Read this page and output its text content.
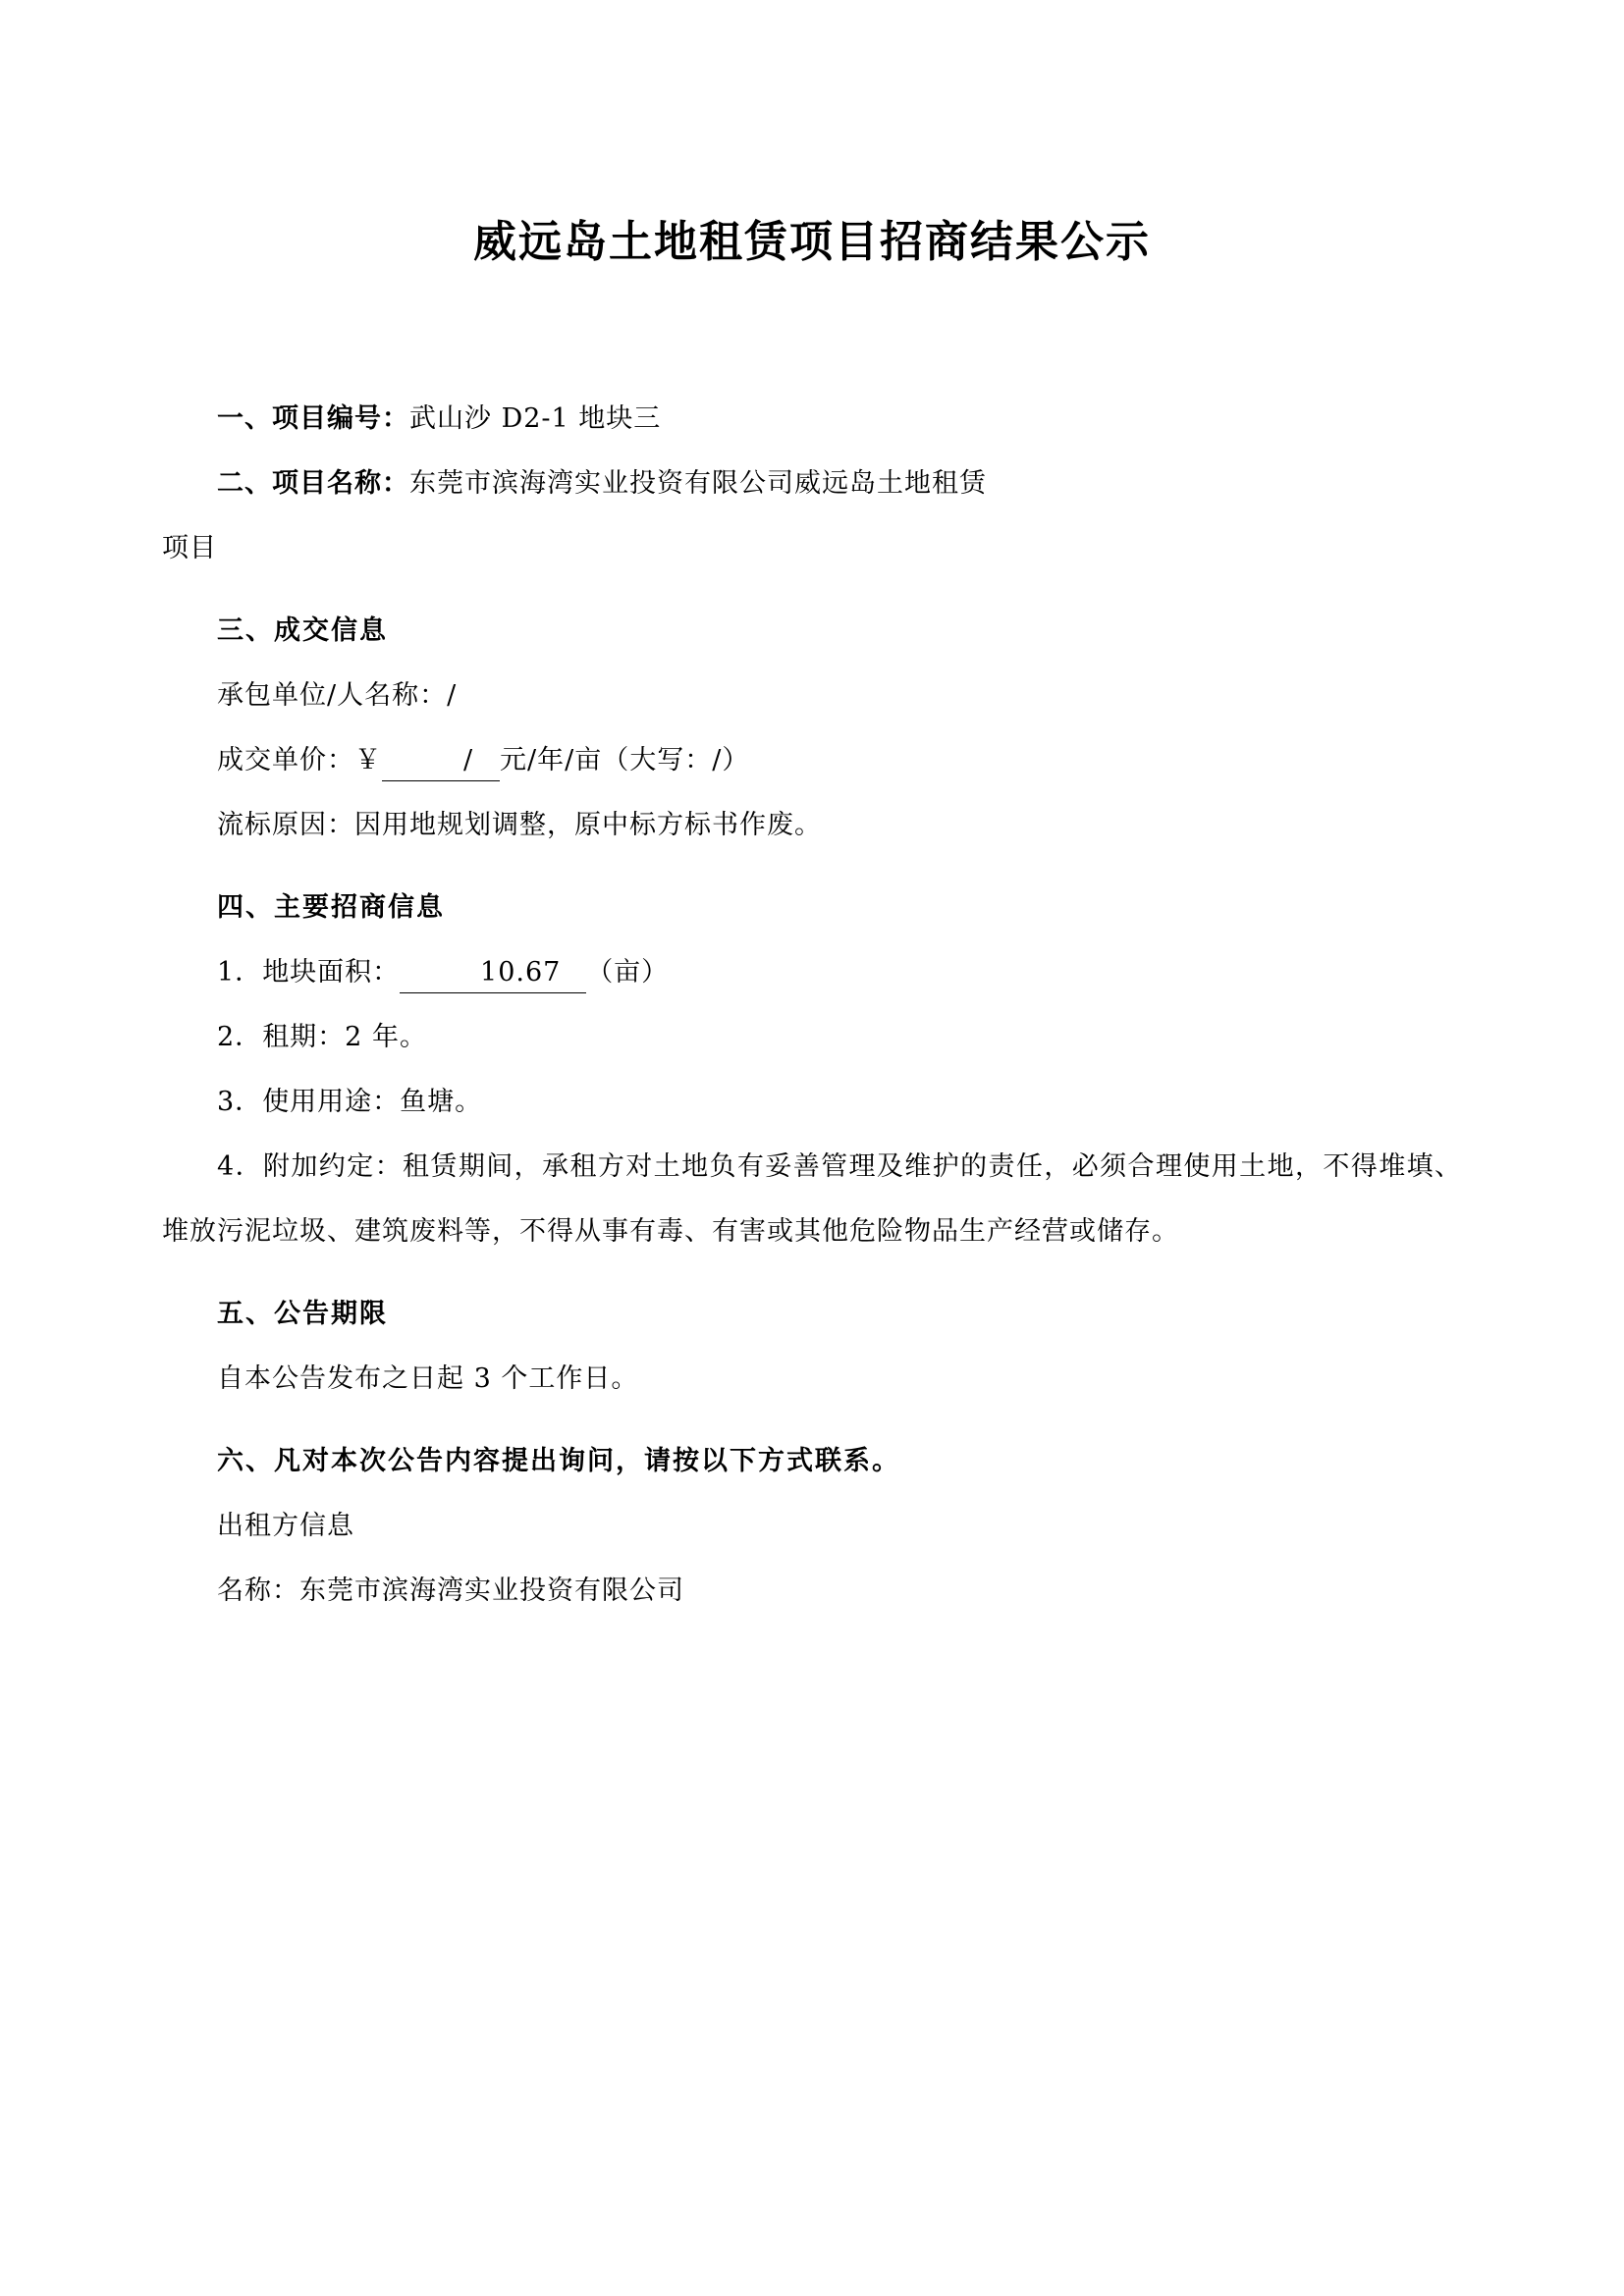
威远岛土地租赁项目招商结果公示

一、项目编号：武山沙 D2-1 地块三

二、项目名称：东莞市滨海湾实业投资有限公司威远岛土地租赁

项目

三、成交信息

承包单位/人名称：/

成交单价：￥	/ 元/年/亩（大写：/）

流标原因：因用地规划调整，原中标方标书作废。

四、主要招商信息

1．地块面积：	10.67 （亩）

2．租期：2 年。

3．使用用途：鱼塘。

4．附加约定：租赁期间，承租方对土地负有妥善管理及维护的责任，必须合理使用土地，不得堆填、堆放污泥垃圾、建筑废料等，不得从事有毒、有害或其他危险物品生产经营或储存。

五、公告期限

自本公告发布之日起 3 个工作日。

六、凡对本次公告内容提出询问，请按以下方式联系。

出租方信息

名称：东莞市滨海湾实业投资有限公司
